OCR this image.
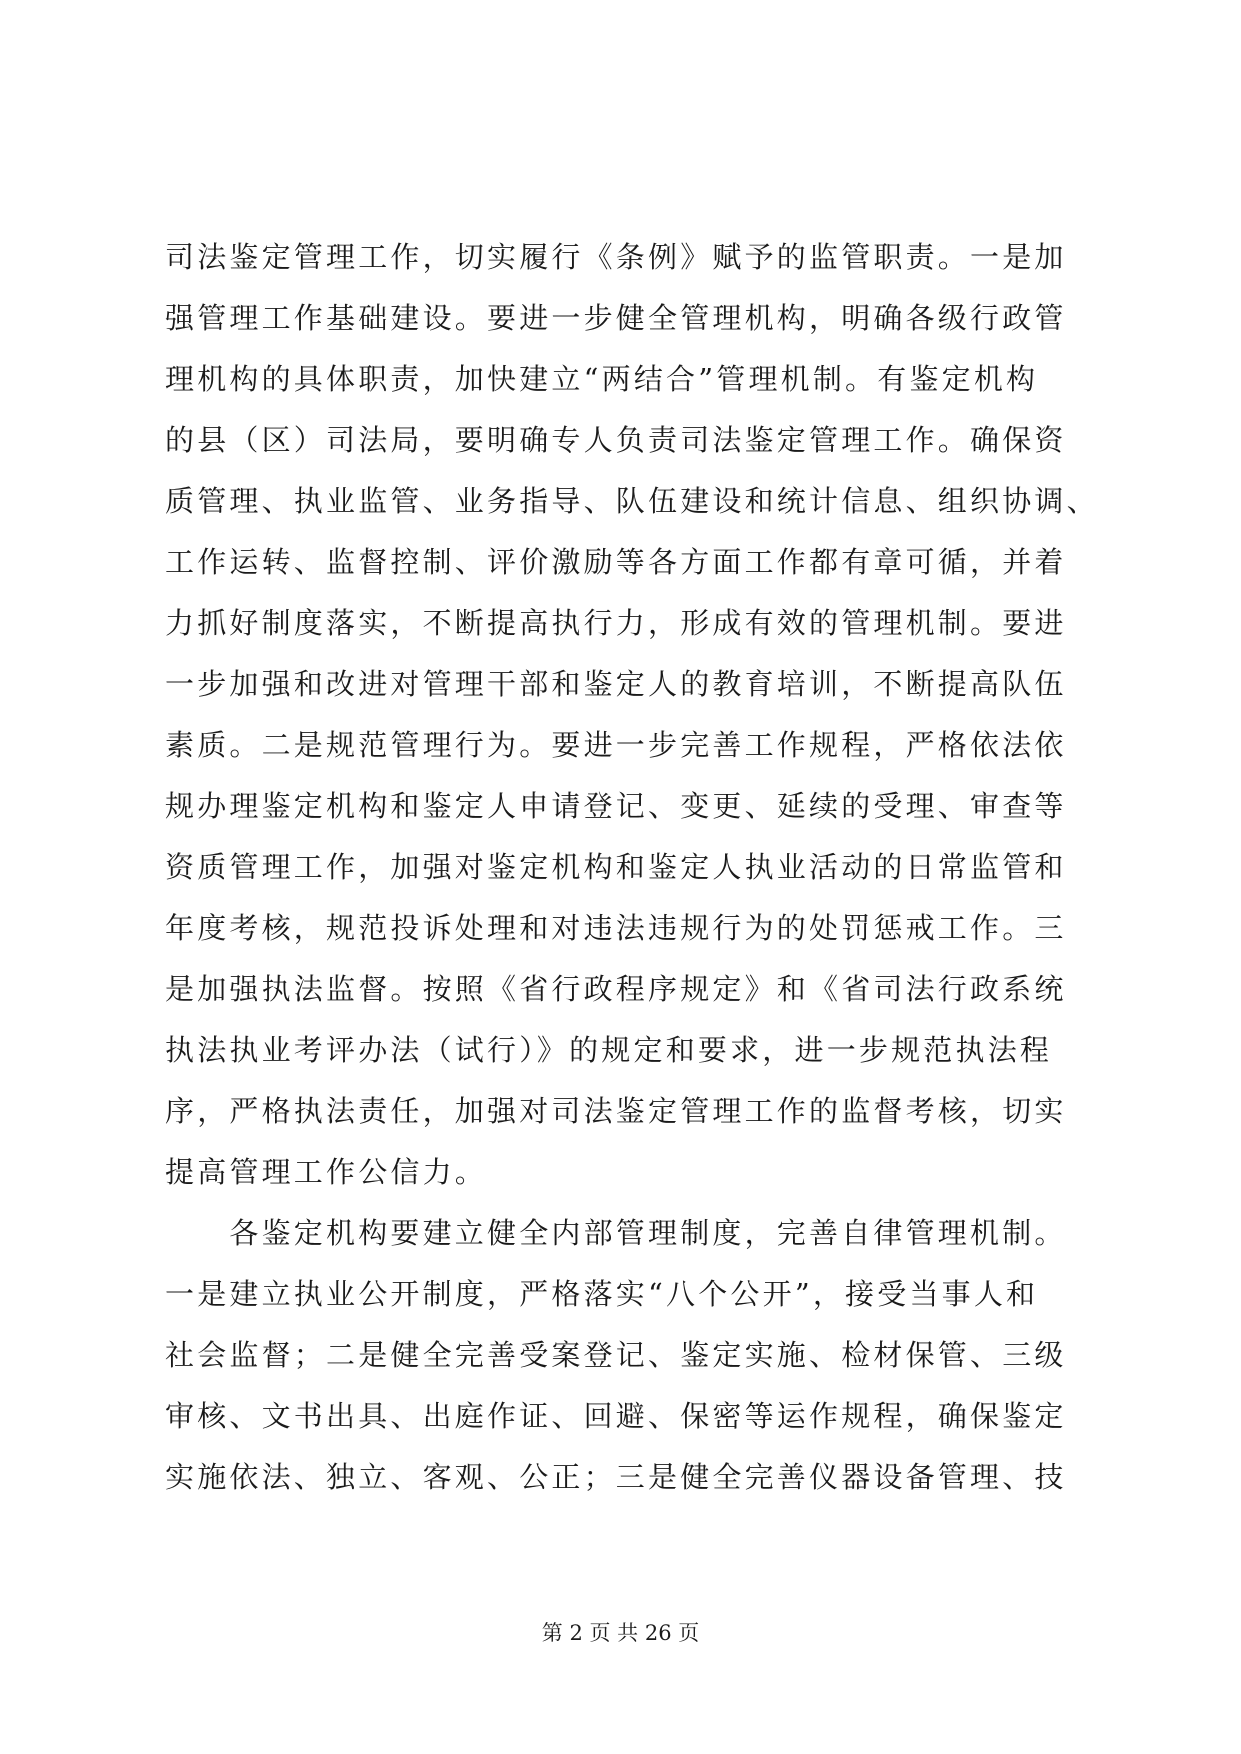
司法鉴定管理工作，切实履行《条例》赋予的监管职责。一是加
强管理工作基础建设。要进一步健全管理机构，明确各级行政管
理机构的具体职责，加快建立“两结合”管理机制。有鉴定机构
的县（区）司法局，要明确专人负责司法鉴定管理工作。确保资
质管理、执业监管、业务指导、队伍建设和统计信息、组织协调、
工作运转、监督控制、评价激励等各方面工作都有章可循，并着
力抓好制度落实，不断提高执行力，形成有效的管理机制。要进
一步加强和改进对管理干部和鉴定人的教育培训，不断提高队伍
素质。二是规范管理行为。要进一步完善工作规程，严格依法依
规办理鉴定机构和鉴定人申请登记、变更、延续的受理、审查等
资质管理工作，加强对鉴定机构和鉴定人执业活动的日常监管和
年度考核，规范投诉处理和对违法违规行为的处罚惩戒工作。三
是加强执法监督。按照《省行政程序规定》和《省司法行政系统
执法执业考评办法（试行）》的规定和要求，进一步规范执法程
序，严格执法责任，加强对司法鉴定管理工作的监督考核，切实
提高管理工作公信力。
　　各鉴定机构要建立健全内部管理制度，完善自律管理机制。
一是建立执业公开制度，严格落实“八个公开”，接受当事人和
社会监督；二是健全完善受案登记、鉴定实施、检材保管、三级
审核、文书出具、出庭作证、回避、保密等运作规程，确保鉴定
实施依法、独立、客观、公正；三是健全完善仪器设备管理、技
第 2 页 共 26 页
